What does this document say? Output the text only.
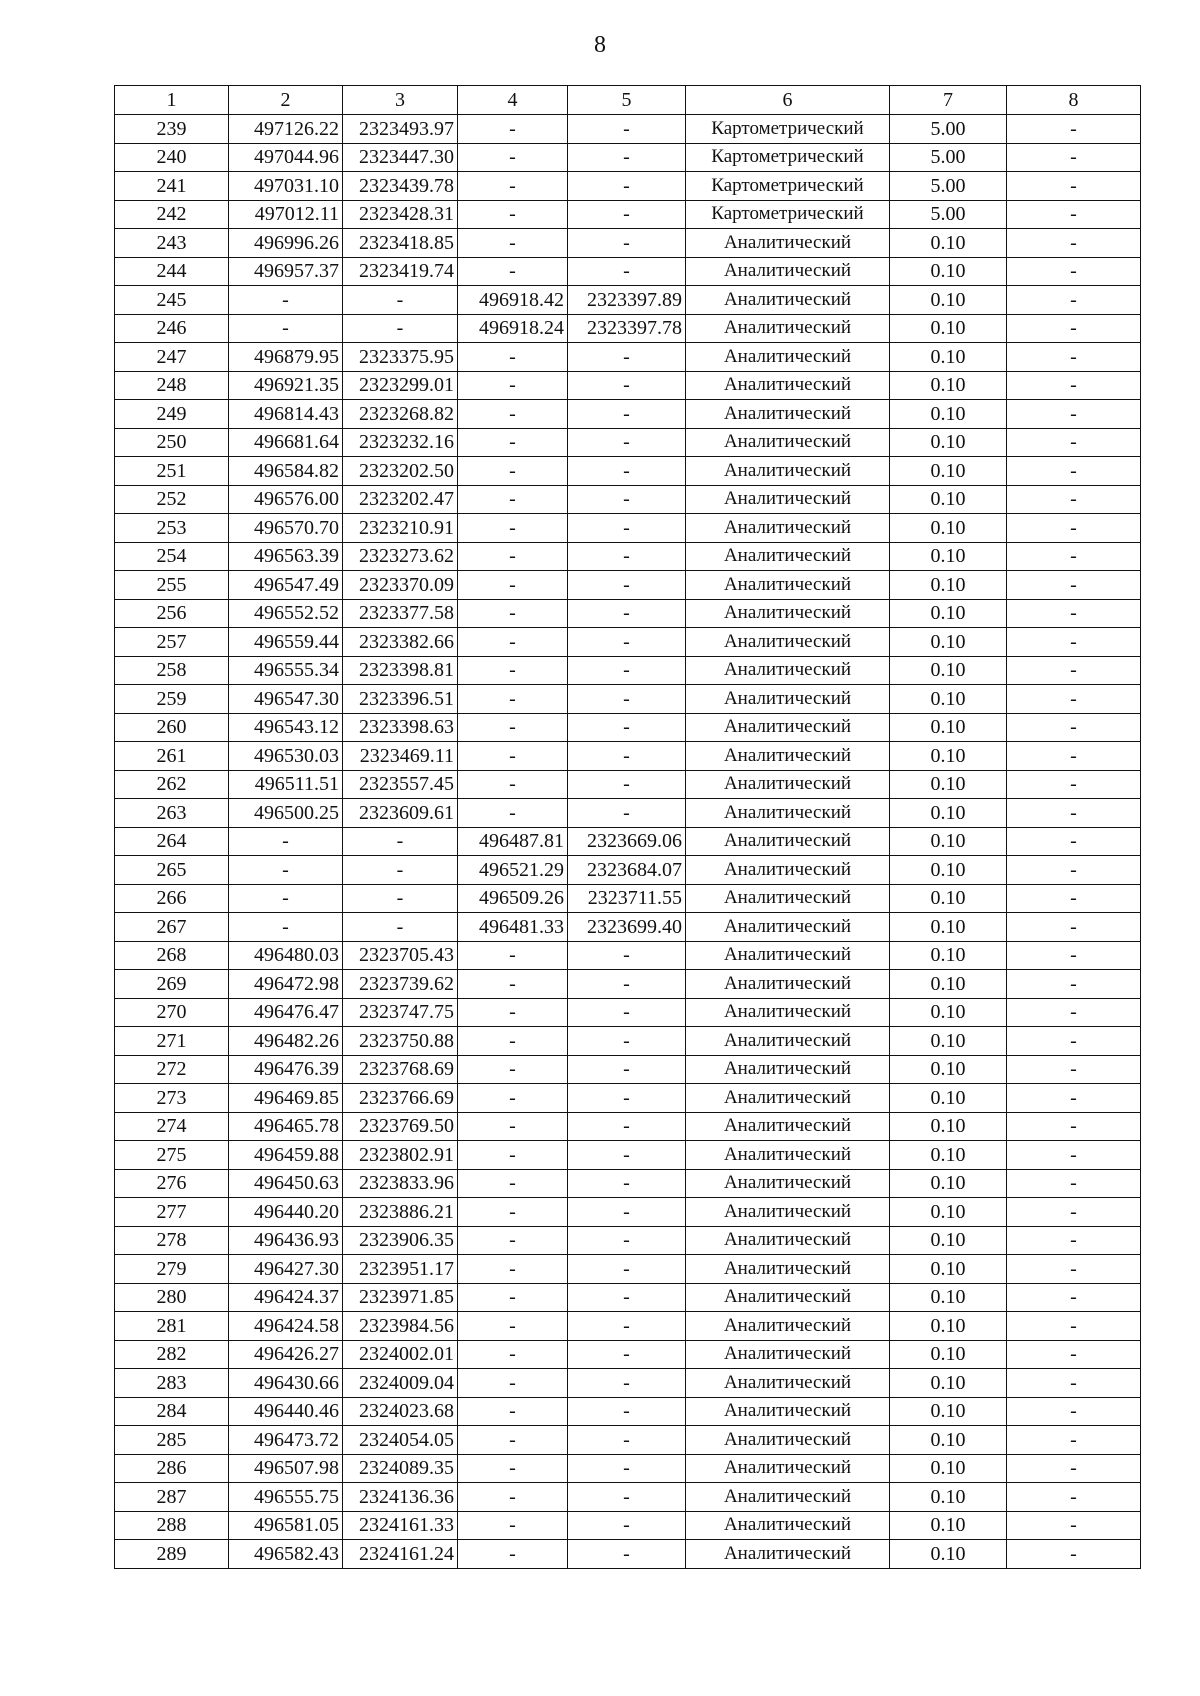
8
1	2	3	4	5	6	7	8
239	497126.22	2323493.97	-	-	Картометрический	5.00	-
240	497044.96	2323447.30	-	-	Картометрический	5.00	-
241	497031.10	2323439.78	-	-	Картометрический	5.00	-
242	497012.11	2323428.31	-	-	Картометрический	5.00	-
243	496996.26	2323418.85	-	-	Аналитический	0.10	-
244	496957.37	2323419.74	-	-	Аналитический	0.10	-
245	-	-	496918.42	2323397.89	Аналитический	0.10	-
246	-	-	496918.24	2323397.78	Аналитический	0.10	-
247	496879.95	2323375.95	-	-	Аналитический	0.10	-
248	496921.35	2323299.01	-	-	Аналитический	0.10	-
249	496814.43	2323268.82	-	-	Аналитический	0.10	-
250	496681.64	2323232.16	-	-	Аналитический	0.10	-
251	496584.82	2323202.50	-	-	Аналитический	0.10	-
252	496576.00	2323202.47	-	-	Аналитический	0.10	-
253	496570.70	2323210.91	-	-	Аналитический	0.10	-
254	496563.39	2323273.62	-	-	Аналитический	0.10	-
255	496547.49	2323370.09	-	-	Аналитический	0.10	-
256	496552.52	2323377.58	-	-	Аналитический	0.10	-
257	496559.44	2323382.66	-	-	Аналитический	0.10	-
258	496555.34	2323398.81	-	-	Аналитический	0.10	-
259	496547.30	2323396.51	-	-	Аналитический	0.10	-
260	496543.12	2323398.63	-	-	Аналитический	0.10	-
261	496530.03	2323469.11	-	-	Аналитический	0.10	-
262	496511.51	2323557.45	-	-	Аналитический	0.10	-
263	496500.25	2323609.61	-	-	Аналитический	0.10	-
264	-	-	496487.81	2323669.06	Аналитический	0.10	-
265	-	-	496521.29	2323684.07	Аналитический	0.10	-
266	-	-	496509.26	2323711.55	Аналитический	0.10	-
267	-	-	496481.33	2323699.40	Аналитический	0.10	-
268	496480.03	2323705.43	-	-	Аналитический	0.10	-
269	496472.98	2323739.62	-	-	Аналитический	0.10	-
270	496476.47	2323747.75	-	-	Аналитический	0.10	-
271	496482.26	2323750.88	-	-	Аналитический	0.10	-
272	496476.39	2323768.69	-	-	Аналитический	0.10	-
273	496469.85	2323766.69	-	-	Аналитический	0.10	-
274	496465.78	2323769.50	-	-	Аналитический	0.10	-
275	496459.88	2323802.91	-	-	Аналитический	0.10	-
276	496450.63	2323833.96	-	-	Аналитический	0.10	-
277	496440.20	2323886.21	-	-	Аналитический	0.10	-
278	496436.93	2323906.35	-	-	Аналитический	0.10	-
279	496427.30	2323951.17	-	-	Аналитический	0.10	-
280	496424.37	2323971.85	-	-	Аналитический	0.10	-
281	496424.58	2323984.56	-	-	Аналитический	0.10	-
282	496426.27	2324002.01	-	-	Аналитический	0.10	-
283	496430.66	2324009.04	-	-	Аналитический	0.10	-
284	496440.46	2324023.68	-	-	Аналитический	0.10	-
285	496473.72	2324054.05	-	-	Аналитический	0.10	-
286	496507.98	2324089.35	-	-	Аналитический	0.10	-
287	496555.75	2324136.36	-	-	Аналитический	0.10	-
288	496581.05	2324161.33	-	-	Аналитический	0.10	-
289	496582.43	2324161.24	-	-	Аналитический	0.10	-
